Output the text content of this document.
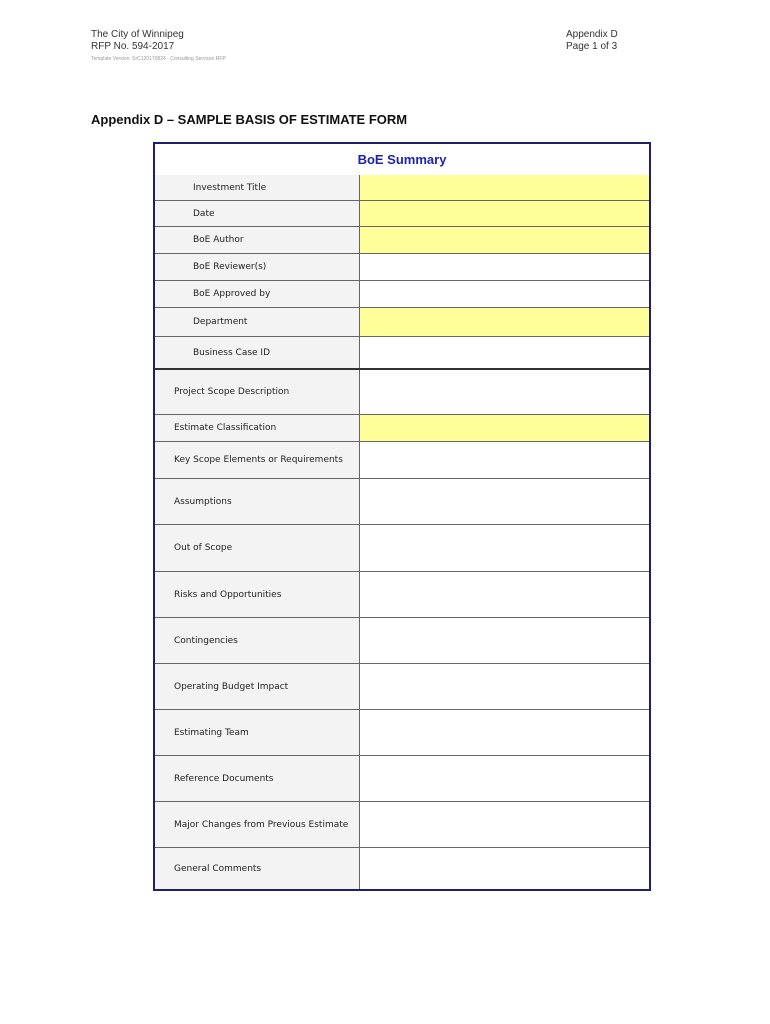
The City of Winnipeg
RFP No. 594-2017
Appendix D
Page 1 of 3
Template Version: SrC120170824 - Consulting Services RFP
Appendix D – SAMPLE BASIS OF ESTIMATE FORM
BoE Summary
Investment Title
Date
BoE Author
BoE Reviewer(s)
BoE Approved by
Department
Business Case ID
Project Scope Description
Estimate Classification
Key Scope Elements or Requirements
Assumptions
Out of Scope
Risks and Opportunities
Contingencies
Operating Budget Impact
Estimating Team
Reference Documents
Major Changes from Previous Estimate
General Comments
